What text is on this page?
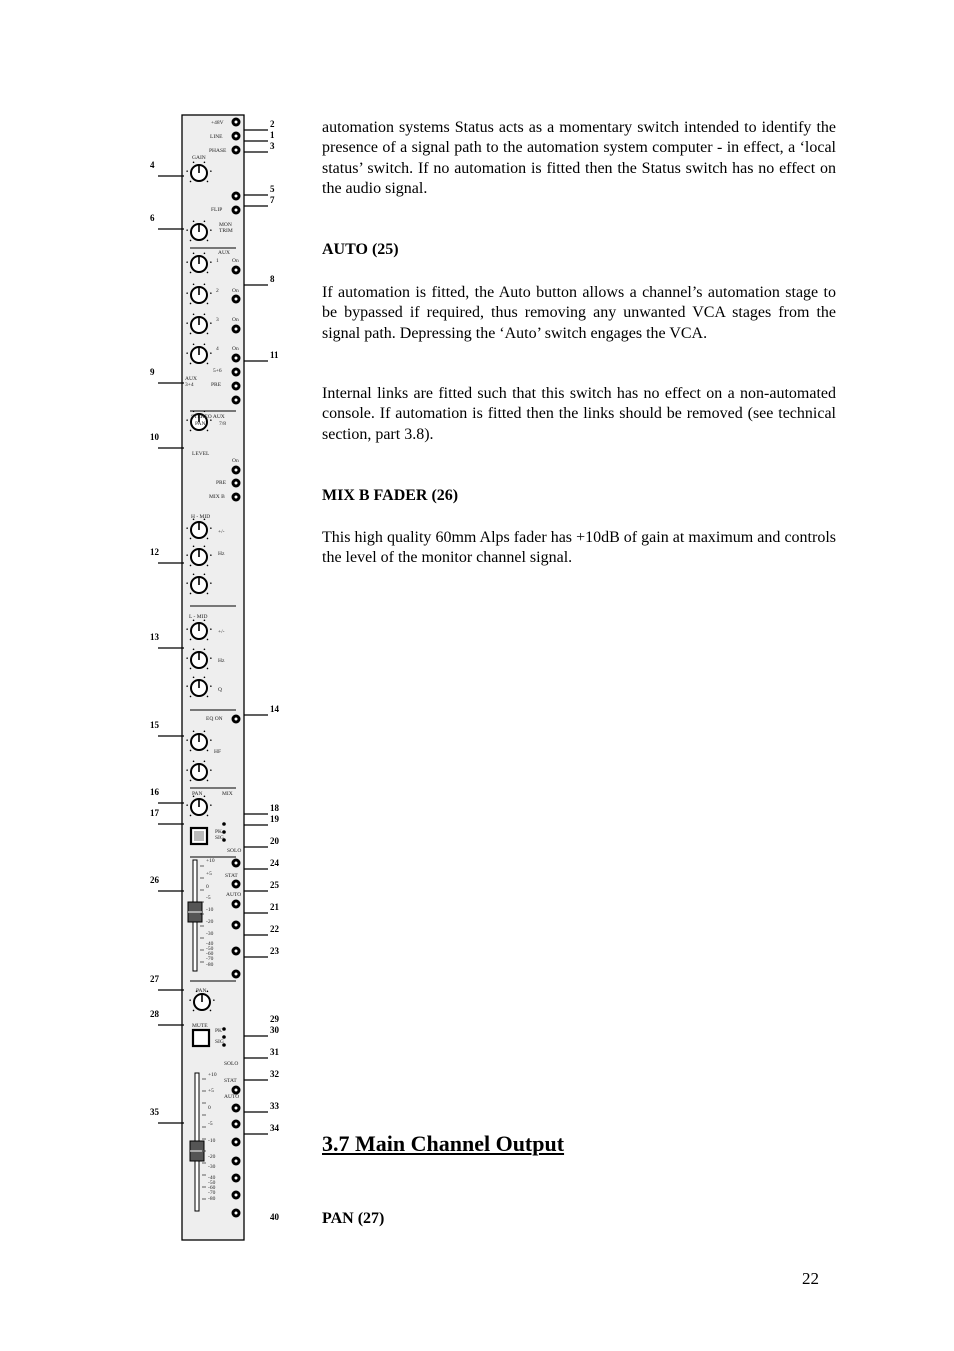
+10
+5
0
-5
-10
-20
-30
-40
-50
-60
-70
-80
+10
+5
0
-5
-10
-20
-30
-40
-50
-60
-70
-80
+48V
LINE
PHASE
GAIN
FLIP
MON
TRIM
AUX
1 On
2 On
3 On
4 On
5+6
PRE
AUX
3+4
STEREO AUX
PAN 7/8
LEVEL
On
PRE
MIX B
H - MID
+/-
Hz
L - MID
+/-
Hz
Q
EQ ON
HF
PAN	MIX
PK
SIG
SOLO
STAT
AUTO
PAN
MUTE
PK
SIG
SOLO
STAT
AUTO
4
6
9
10
12
13
15
16
17
26
27
28
35
2
1
3
5
7
8
11
14
18
19
20
24
25
21
22
23
29
30
31
32
33
34
40

automation systems Status acts as a momentary switch intended to identify the presence of a signal path to the automation system computer - in effect, a ‘local status’ switch. If no automation is fitted then the Status switch has no effect on the audio signal.

AUTO (25)

If automation is fitted, the Auto button allows a channel’s automation stage to be bypassed if required, thus removing any unwanted VCA stages from the signal path. Depressing the ‘Auto’ switch engages the VCA.

Internal links are fitted such that this switch has no effect on a non-automated console. If automation is fitted then the links should be removed (see technical section, part 3.8).

MIX B FADER (26)

This high quality 60mm Alps fader has +10dB of gain at maximum and controls the level of the monitor channel signal.

3.7 Main Channel Output

PAN (27)

22
